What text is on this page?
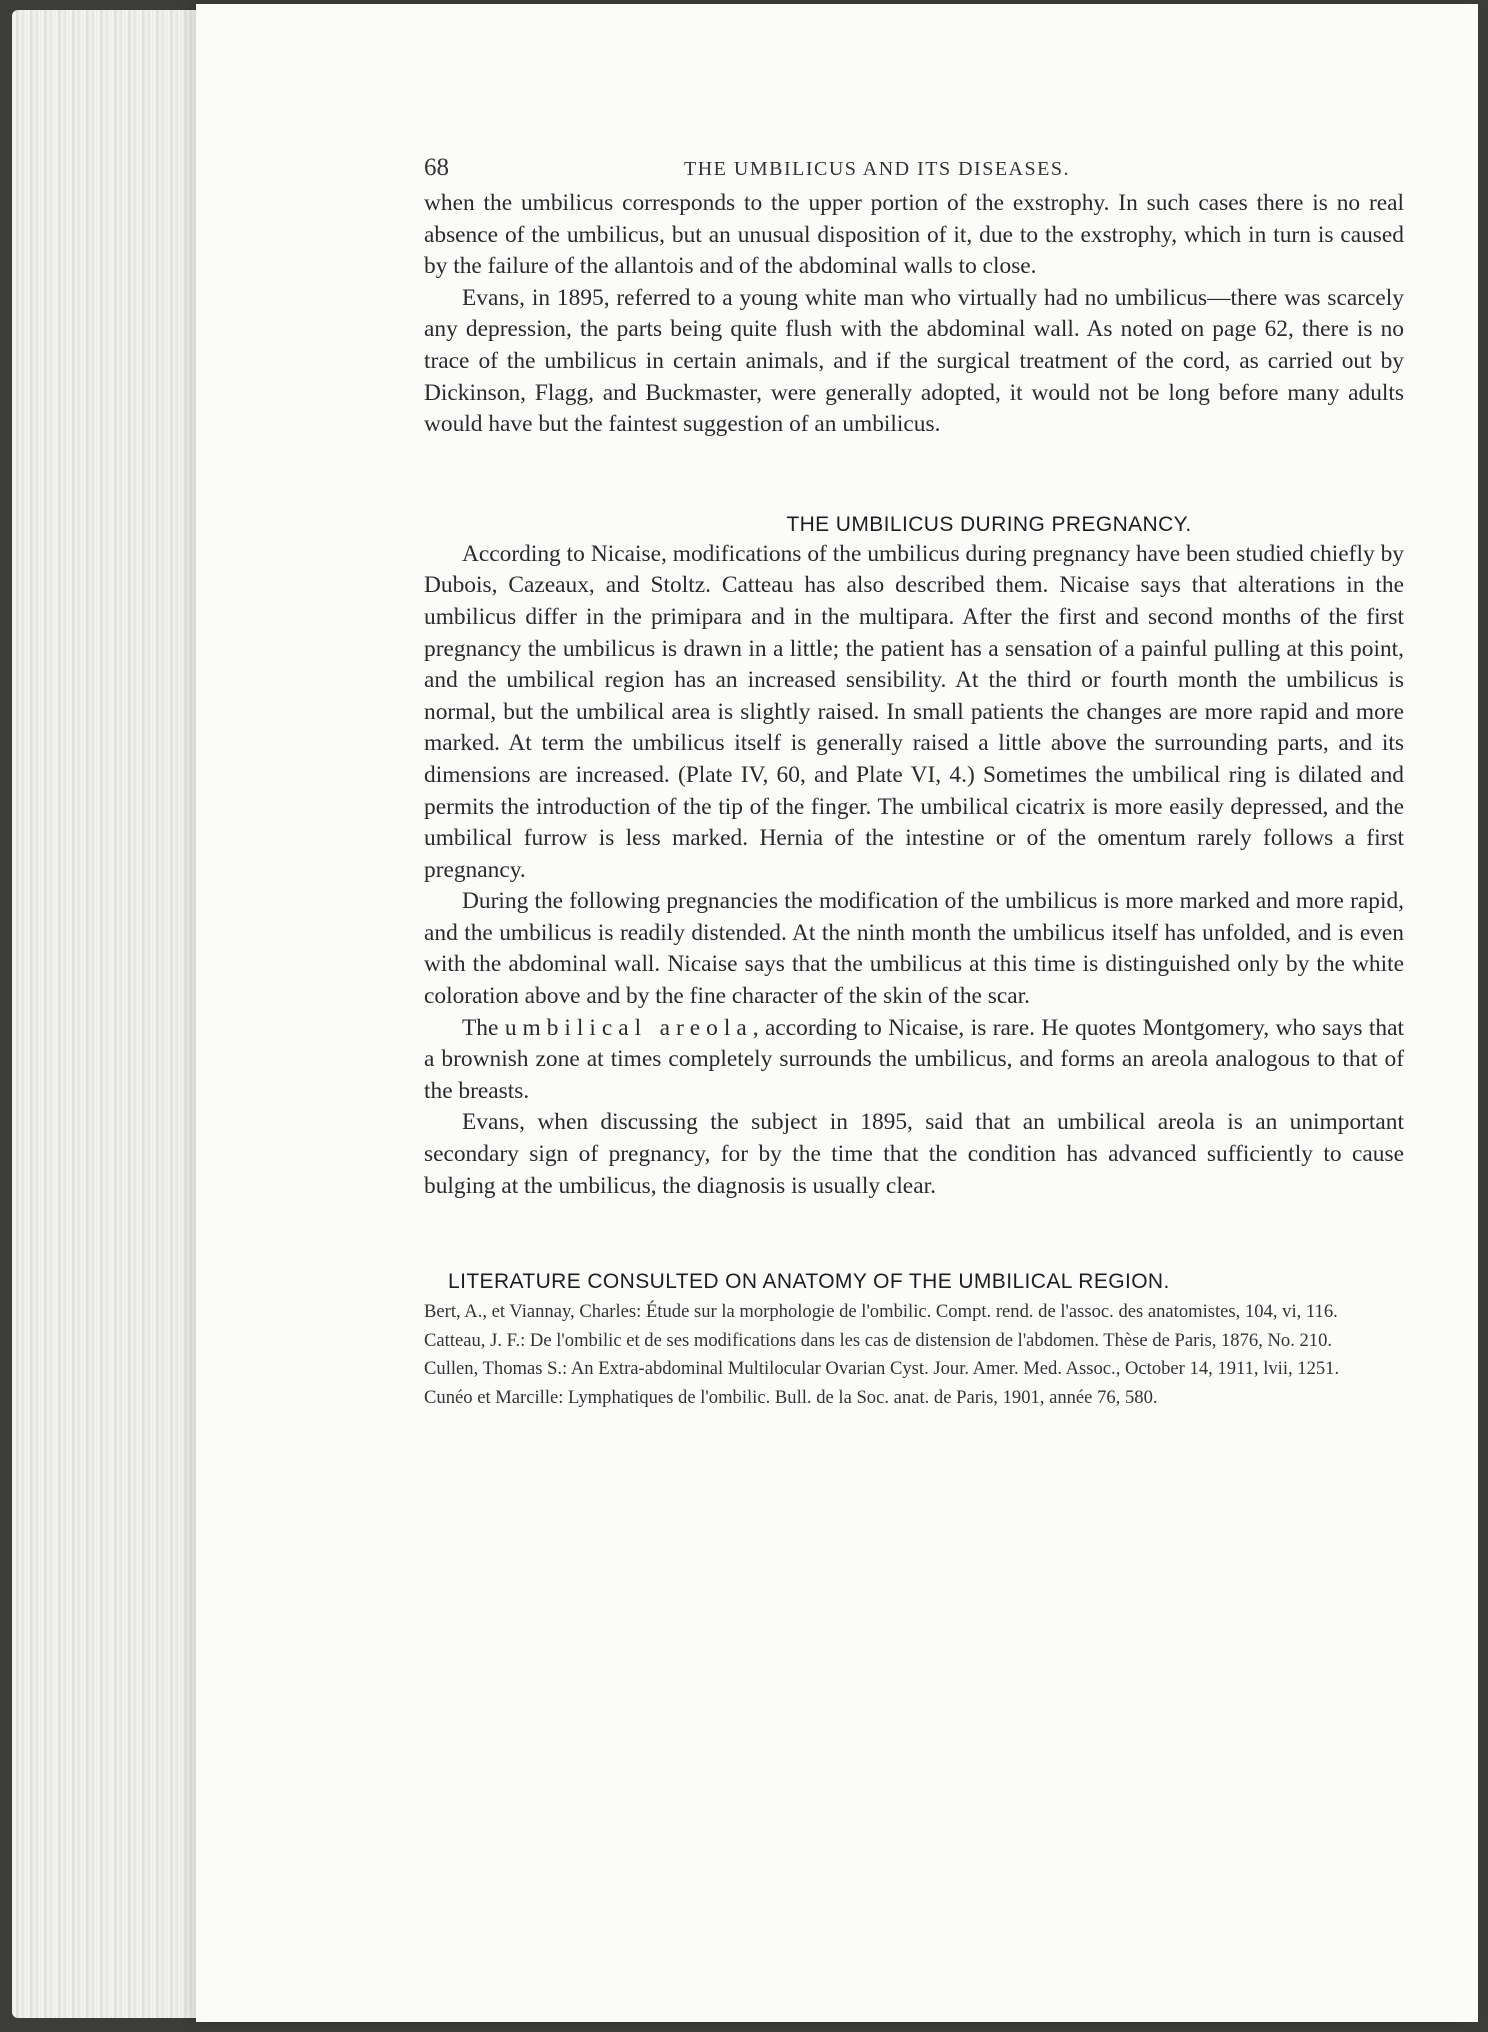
68	THE UMBILICUS AND ITS DISEASES.

when the umbilicus corresponds to the upper portion of the exstrophy. In such cases there is no real absence of the umbilicus, but an unusual disposition of it, due to the exstrophy, which in turn is caused by the failure of the allantois and of the abdominal walls to close.

Evans, in 1895, referred to a young white man who virtually had no umbilicus—there was scarcely any depression, the parts being quite flush with the abdominal wall. As noted on page 62, there is no trace of the umbilicus in certain animals, and if the surgical treatment of the cord, as carried out by Dickinson, Flagg, and Buckmaster, were generally adopted, it would not be long before many adults would have but the faintest suggestion of an umbilicus.

THE UMBILICUS DURING PREGNANCY.

According to Nicaise, modifications of the umbilicus during pregnancy have been studied chiefly by Dubois, Cazeaux, and Stoltz. Catteau has also described them. Nicaise says that alterations in the umbilicus differ in the primipara and in the multipara. After the first and second months of the first pregnancy the umbilicus is drawn in a little; the patient has a sensation of a painful pulling at this point, and the umbilical region has an increased sensibility. At the third or fourth month the umbilicus is normal, but the umbilical area is slightly raised. In small patients the changes are more rapid and more marked. At term the umbilicus itself is generally raised a little above the surrounding parts, and its dimensions are increased. (Plate IV, 60, and Plate VI, 4.) Sometimes the umbilical ring is dilated and permits the introduction of the tip of the finger. The umbilical cicatrix is more easily depressed, and the umbilical furrow is less marked. Hernia of the intestine or of the omentum rarely follows a first pregnancy.

During the following pregnancies the modification of the umbilicus is more marked and more rapid, and the umbilicus is readily distended. At the ninth month the umbilicus itself has unfolded, and is even with the abdominal wall. Nicaise says that the umbilicus at this time is distinguished only by the white coloration above and by the fine character of the skin of the scar.

The umbilical areola, according to Nicaise, is rare. He quotes Montgomery, who says that a brownish zone at times completely surrounds the umbilicus, and forms an areola analogous to that of the breasts.

Evans, when discussing the subject in 1895, said that an umbilical areola is an unimportant secondary sign of pregnancy, for by the time that the condition has advanced sufficiently to cause bulging at the umbilicus, the diagnosis is usually clear.

LITERATURE CONSULTED ON ANATOMY OF THE UMBILICAL REGION.

Bert, A., et Viannay, Charles: Étude sur la morphologie de l'ombilic. Compt. rend. de l'assoc. des anatomistes, 104, vi, 116.

Catteau, J. F.: De l'ombilic et de ses modifications dans les cas de distension de l'abdomen. Thèse de Paris, 1876, No. 210.

Cullen, Thomas S.: An Extra-abdominal Multilocular Ovarian Cyst. Jour. Amer. Med. Assoc., October 14, 1911, lvii, 1251.

Cunéo et Marcille: Lymphatiques de l'ombilic. Bull. de la Soc. anat. de Paris, 1901, année 76, 580.
